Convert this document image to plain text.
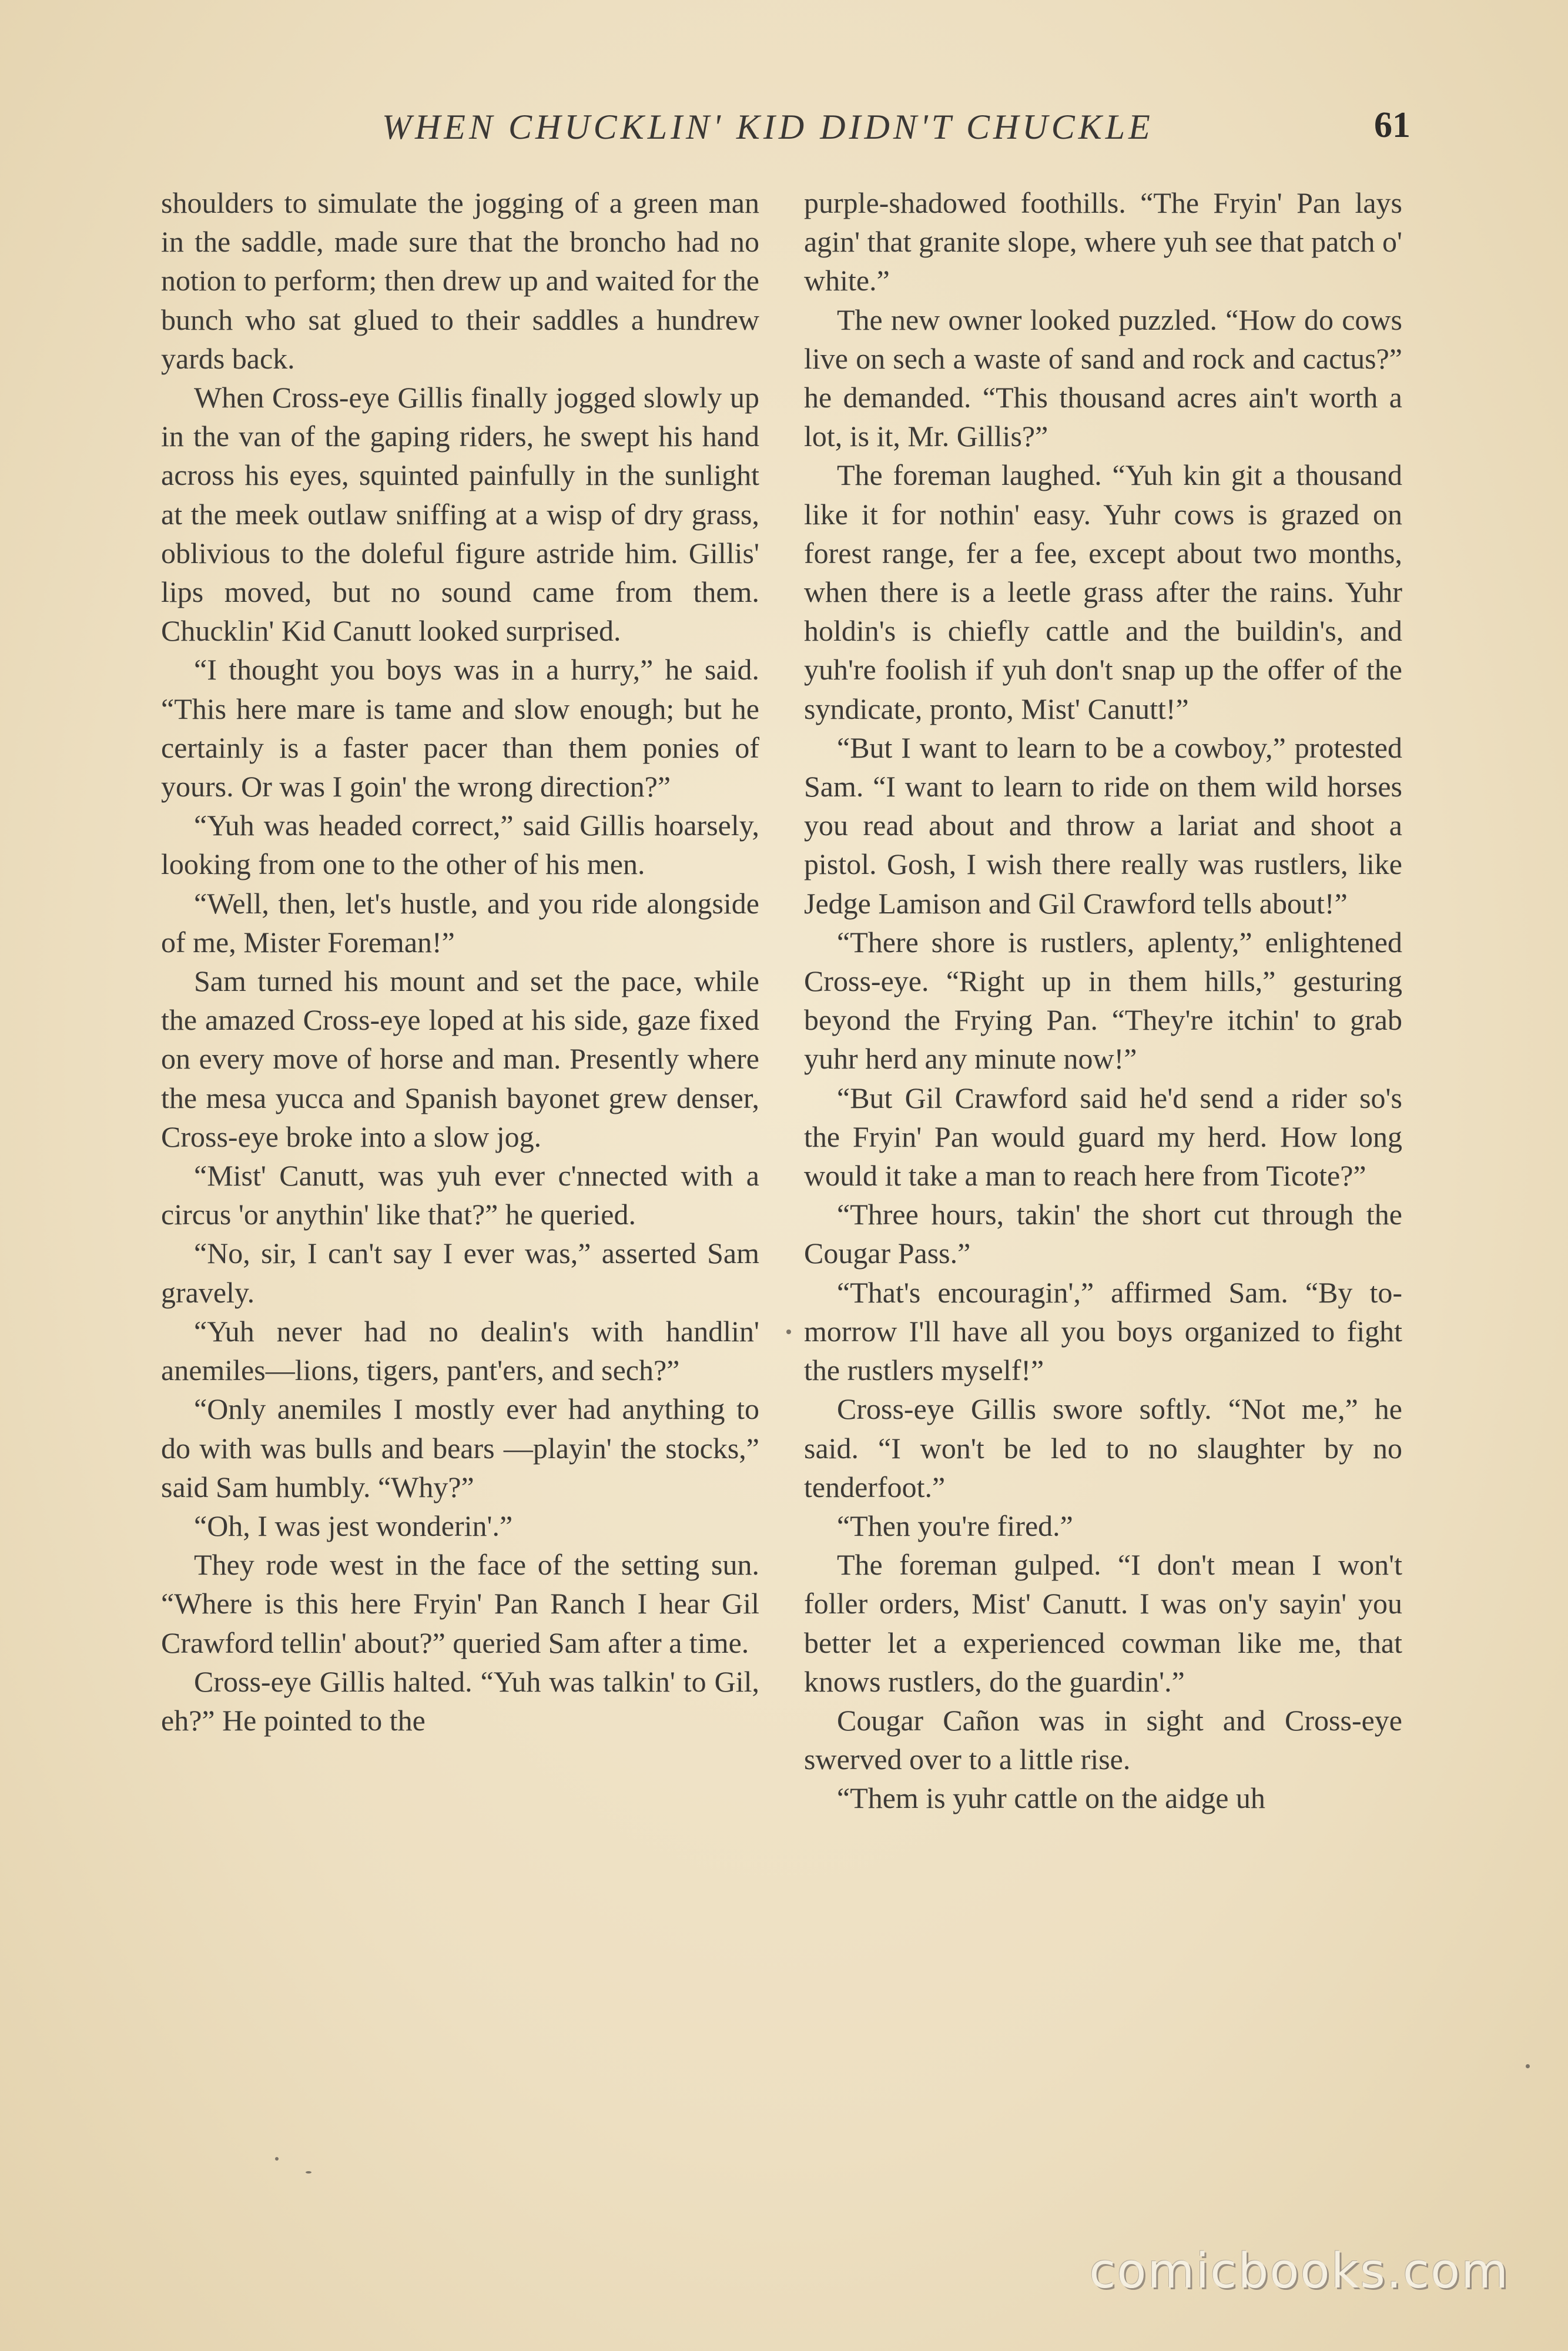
WHEN CHUCKLIN' KID DIDN'T CHUCKLE	61

shoulders to simulate the jogging of a green man in the saddle, made sure that the broncho had no notion to perform; then drew up and waited for the bunch who sat glued to their saddles a hundrew yards back.

When Cross-eye Gillis finally jogged slowly up in the van of the gaping riders, he swept his hand across his eyes, squinted painfully in the sunlight at the meek outlaw sniffing at a wisp of dry grass, oblivious to the doleful figure astride him. Gillis' lips moved, but no sound came from them. Chucklin' Kid Canutt looked surprised.

“I thought you boys was in a hurry,” he said. “This here mare is tame and slow enough; but he certainly is a faster pacer than them ponies of yours. Or was I goin' the wrong direction?”

“Yuh was headed correct,” said Gillis hoarsely, looking from one to the other of his men.

“Well, then, let's hustle, and you ride alongside of me, Mister Foreman!”

Sam turned his mount and set the pace, while the amazed Cross-eye loped at his side, gaze fixed on every move of horse and man. Presently where the mesa yucca and Spanish bayonet grew denser, Cross-eye broke into a slow jog.

“Mist' Canutt, was yuh ever c'nnected with a circus 'or anythin' like that?” he queried.

“No, sir, I can't say I ever was,” asserted Sam gravely.

“Yuh never had no dealin's with handlin' anemiles—lions, tigers, pant'ers, and sech?”

“Only anemiles I mostly ever had anything to do with was bulls and bears —playin' the stocks,” said Sam humbly. “Why?”

“Oh, I was jest wonderin'.”

They rode west in the face of the setting sun. “Where is this here Fryin' Pan Ranch I hear Gil Crawford tellin' about?” queried Sam after a time.

Cross-eye Gillis halted. “Yuh was talkin' to Gil, eh?” He pointed to the

purple-shadowed foothills. “The Fryin' Pan lays agin' that granite slope, where yuh see that patch o' white.”

The new owner looked puzzled. “How do cows live on sech a waste of sand and rock and cactus?” he demanded. “This thousand acres ain't worth a lot, is it, Mr. Gillis?”

The foreman laughed. “Yuh kin git a thousand like it for nothin' easy. Yuhr cows is grazed on forest range, fer a fee, except about two months, when there is a leetle grass after the rains. Yuhr holdin's is chiefly cattle and the buildin's, and yuh're foolish if yuh don't snap up the offer of the syndicate, pronto, Mist' Canutt!”

“But I want to learn to be a cowboy,” protested Sam. “I want to learn to ride on them wild horses you read about and throw a lariat and shoot a pistol. Gosh, I wish there really was rustlers, like Jedge Lamison and Gil Crawford tells about!”

“There shore is rustlers, aplenty,” enlightened Cross-eye. “Right up in them hills,” gesturing beyond the Frying Pan. “They're itchin' to grab yuhr herd any minute now!”

“But Gil Crawford said he'd send a rider so's the Fryin' Pan would guard my herd. How long would it take a man to reach here from Ticote?”

“Three hours, takin' the short cut through the Cougar Pass.”

“That's encouragin',” affirmed Sam. “By to-morrow I'll have all you boys organized to fight the rustlers myself!”

Cross-eye Gillis swore softly. “Not me,” he said. “I won't be led to no slaughter by no tenderfoot.”

“Then you're fired.”

The foreman gulped. “I don't mean I won't foller orders, Mist' Canutt. I was on'y sayin' you better let a experienced cowman like me, that knows rustlers, do the guardin'.”

Cougar Cañon was in sight and Cross-eye swerved over to a little rise.

“Them is yuhr cattle on the aidge uh

comicbooks.com
